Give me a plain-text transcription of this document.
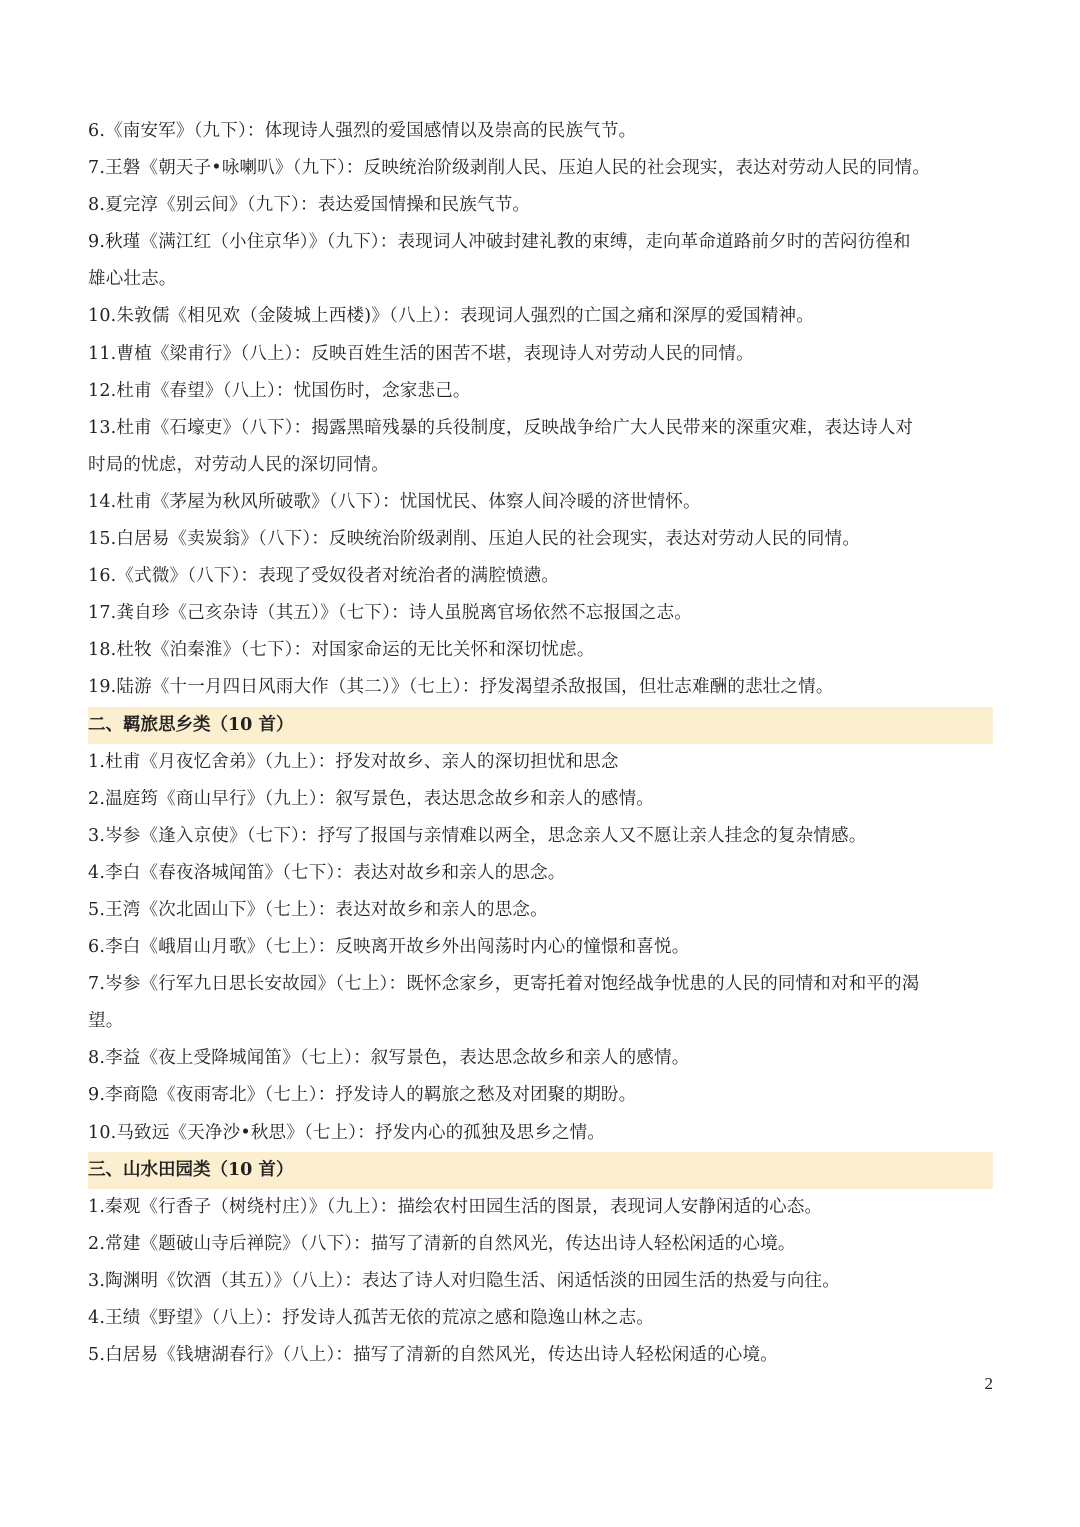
6.《南安军》（九下）：体现诗人强烈的爱国感情以及崇高的民族气节。
7.王磐《朝天子•咏喇叭》（九下）：反映统治阶级剥削人民、压迫人民的社会现实，表达对劳动人民的同情。
8.夏完淳《别云间》（九下）：表达爱国情操和民族气节。
9.秋瑾《满江红（小住京华）》（九下）：表现词人冲破封建礼教的束缚，走向革命道路前夕时的苦闷彷徨和
雄心壮志。
10.朱敦儒《相见欢（金陵城上西楼)》（八上）：表现词人强烈的亡国之痛和深厚的爱国精神。
11.曹植《梁甫行》（八上）：反映百姓生活的困苦不堪，表现诗人对劳动人民的同情。
12.杜甫《春望》（八上）：忧国伤时，念家悲己。
13.杜甫《石壕吏》（八下）：揭露黑暗残暴的兵役制度，反映战争给广大人民带来的深重灾难，表达诗人对
时局的忧虑，对劳动人民的深切同情。
14.杜甫《茅屋为秋风所破歌》（八下）：忧国忧民、体察人间冷暖的济世情怀。
15.白居易《卖炭翁》（八下）：反映统治阶级剥削、压迫人民的社会现实，表达对劳动人民的同情。
16.《式微》（八下）：表现了受奴役者对统治者的满腔愤懑。
17.龚自珍《己亥杂诗（其五）》（七下）：诗人虽脱离官场依然不忘报国之志。
18.杜牧《泊秦淮》（七下）：对国家命运的无比关怀和深切忧虑。
19.陆游《十一月四日风雨大作（其二）》（七上）：抒发渴望杀敌报国，但壮志难酬的悲壮之情。
二、羁旅思乡类（10 首）
1.杜甫《月夜忆舍弟》（九上）：抒发对故乡、亲人的深切担忧和思念
2.温庭筠《商山早行》（九上）：叙写景色，表达思念故乡和亲人的感情。
3.岑参《逢入京使》（七下）：抒写了报国与亲情难以两全，思念亲人又不愿让亲人挂念的复杂情感。
4.李白《春夜洛城闻笛》（七下）：表达对故乡和亲人的思念。
5.王湾《次北固山下》（七上）：表达对故乡和亲人的思念。
6.李白《峨眉山月歌》（七上）：反映离开故乡外出闯荡时内心的憧憬和喜悦。
7.岑参《行军九日思长安故园》（七上）：既怀念家乡，更寄托着对饱经战争忧患的人民的同情和对和平的渴
望。
8.李益《夜上受降城闻笛》（七上）：叙写景色，表达思念故乡和亲人的感情。
9.李商隐《夜雨寄北》（七上）：抒发诗人的羁旅之愁及对团聚的期盼。
10.马致远《天净沙•秋思》（七上）：抒发内心的孤独及思乡之情。
三、山水田园类（10 首）
1.秦观《行香子（树绕村庄）》（九上）：描绘农村田园生活的图景，表现词人安静闲适的心态。
2.常建《题破山寺后禅院》（八下）：描写了清新的自然风光，传达出诗人轻松闲适的心境。
3.陶渊明《饮酒（其五）》（八上）：表达了诗人对归隐生活、闲适恬淡的田园生活的热爱与向往。
4.王绩《野望》（八上）：抒发诗人孤苦无依的荒凉之感和隐逸山林之志。
5.白居易《钱塘湖春行》（八上）：描写了清新的自然风光，传达出诗人轻松闲适的心境。
2
